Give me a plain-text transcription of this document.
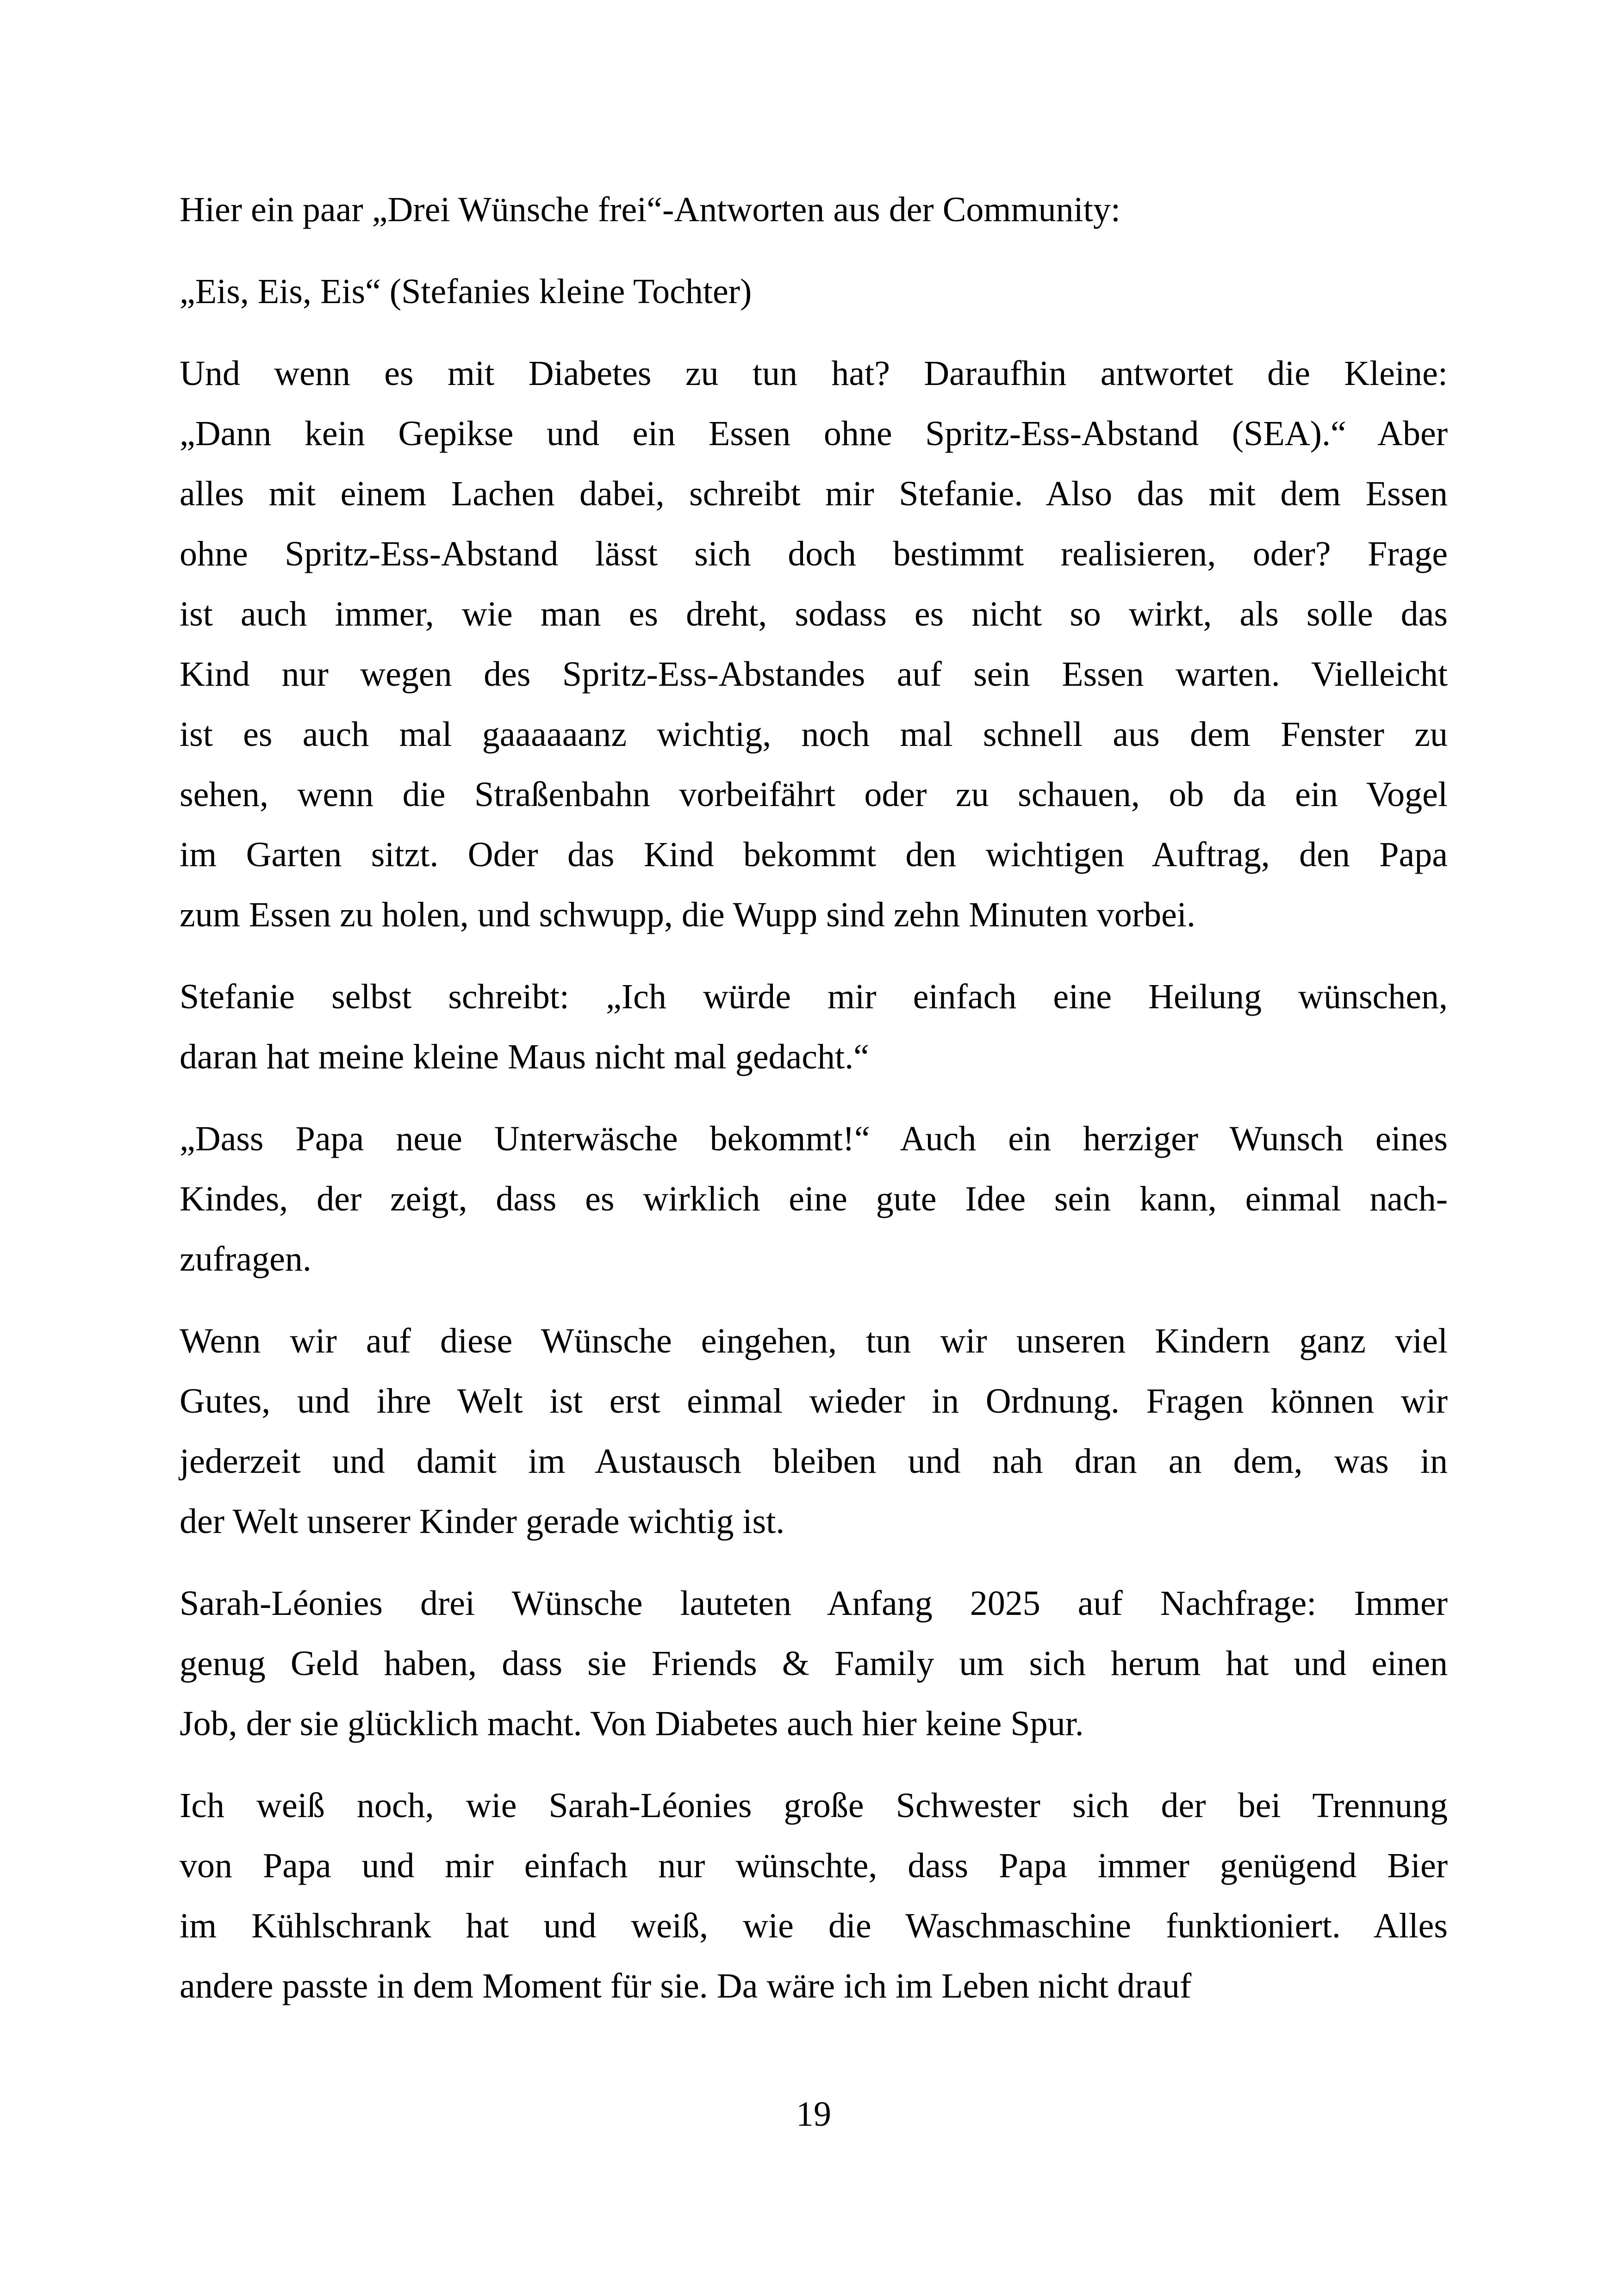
Hier ein paar „Drei Wünsche frei“-Antworten aus der Community:

„Eis, Eis, Eis“ (Stefanies kleine Tochter)

Und wenn es mit Diabetes zu tun hat? Daraufhin antwortet die Kleine:
„Dann kein Gepikse und ein Essen ohne Spritz-Ess-Abstand (SEA).“ Aber
alles mit einem Lachen dabei, schreibt mir Stefanie. Also das mit dem Essen
ohne Spritz-Ess-Abstand lässt sich doch bestimmt realisieren, oder? Frage
ist auch immer, wie man es dreht, sodass es nicht so wirkt, als solle das
Kind nur wegen des Spritz-Ess-Abstandes auf sein Essen warten. Vielleicht
ist es auch mal gaaaaaanz wichtig, noch mal schnell aus dem Fenster zu
sehen, wenn die Straßenbahn vorbeifährt oder zu schauen, ob da ein Vogel
im Garten sitzt. Oder das Kind bekommt den wichtigen Auftrag, den Papa
zum Essen zu holen, und schwupp, die Wupp sind zehn Minuten vorbei.

Stefanie selbst schreibt: „Ich würde mir einfach eine Heilung wünschen,
daran hat meine kleine Maus nicht mal gedacht.“

„Dass Papa neue Unterwäsche bekommt!“ Auch ein herziger Wunsch eines
Kindes, der zeigt, dass es wirklich eine gute Idee sein kann, einmal nach-
zufragen.

Wenn wir auf diese Wünsche eingehen, tun wir unseren Kindern ganz viel
Gutes, und ihre Welt ist erst einmal wieder in Ordnung. Fragen können wir
jederzeit und damit im Austausch bleiben und nah dran an dem, was in
der Welt unserer Kinder gerade wichtig ist.

Sarah-Léonies drei Wünsche lauteten Anfang 2025 auf Nachfrage: Immer
genug Geld haben, dass sie Friends & Family um sich herum hat und einen
Job, der sie glücklich macht. Von Diabetes auch hier keine Spur.

Ich weiß noch, wie Sarah-Léonies große Schwester sich der bei Trennung
von Papa und mir einfach nur wünschte, dass Papa immer genügend Bier
im Kühlschrank hat und weiß, wie die Waschmaschine funktioniert. Alles
andere passte in dem Moment für sie. Da wäre ich im Leben nicht drauf

19
